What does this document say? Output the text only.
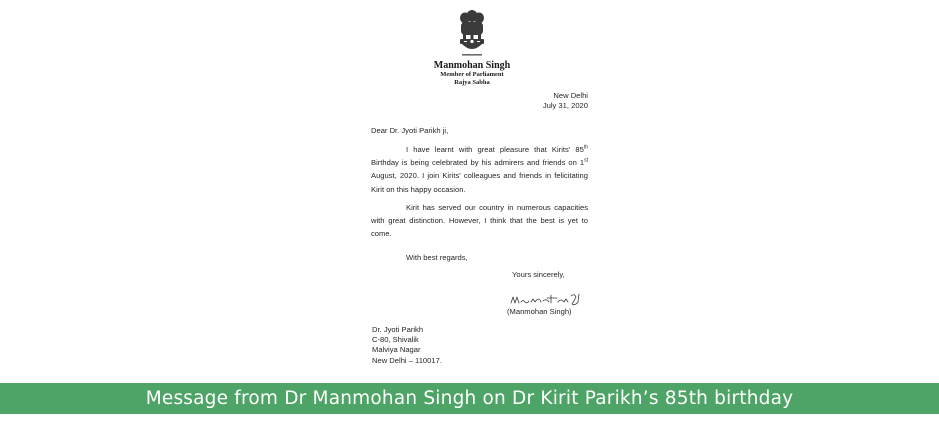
Manmohan Singh
Member of Parliament
Rajya Sabha
New Delhi
July 31, 2020
Dear Dr. Jyoti Parikh ji,
I have learnt with great pleasure that Kirits' 85th Birthday is being celebrated by his admirers and friends on 1st August, 2020. I join Kirits' colleagues and friends in felicitating Kirit on this happy occasion.
Kirit has served our country in numerous capacities with great distinction. However, I think that the best is yet to come.
With best regards,
Yours sincerely,
(Manmohan Singh)
Dr. Jyoti Parikh
C-80, Shivalik
Malviya Nagar
New Delhi – 110017.
Message from Dr Manmohan Singh on Dr Kirit Parikh’s 85th birthday
